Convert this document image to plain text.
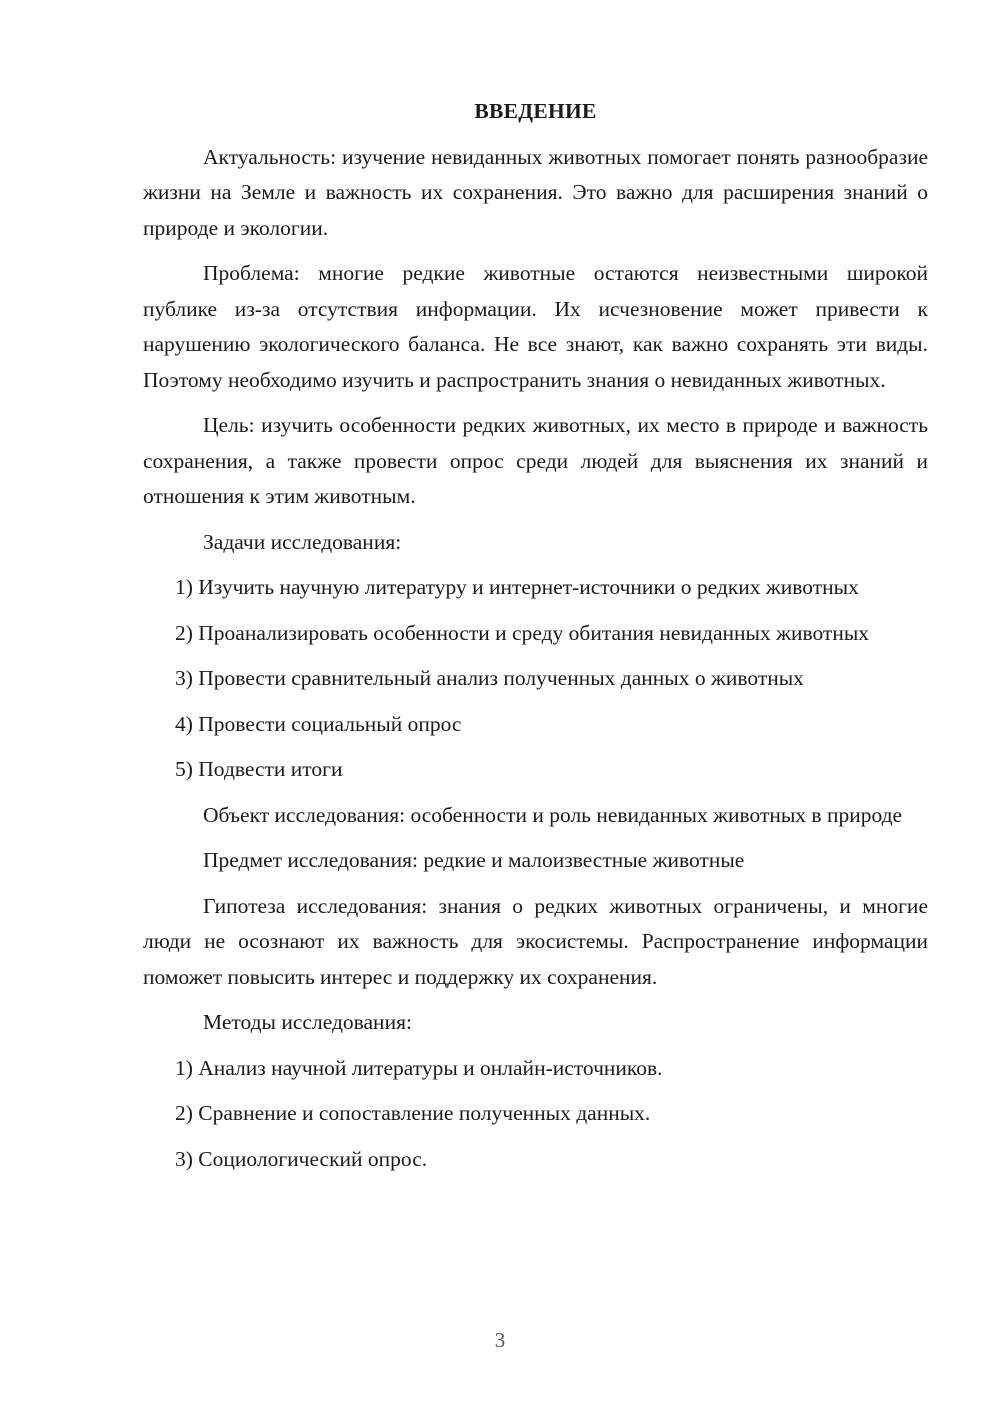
ВВЕДЕНИЕ

Актуальность: изучение невиданных животных помогает понять разнообразие жизни на Земле и важность их сохранения. Это важно для расширения знаний о природе и экологии.

Проблема: многие редкие животные остаются неизвестными широкой публике из-за отсутствия информации. Их исчезновение может привести к нарушению экологического баланса. Не все знают, как важно сохранять эти виды. Поэтому необходимо изучить и распространить знания о невиданных животных.

Цель: изучить особенности редких животных, их место в природе и важность сохранения, а также провести опрос среди людей для выяснения их знаний и отношения к этим животным.

Задачи исследования:

1) Изучить научную литературу и интернет-источники о редких животных

2) Проанализировать особенности и среду обитания невиданных животных

3) Провести сравнительный анализ полученных данных о животных

4) Провести социальный опрос

5) Подвести итоги

Объект исследования: особенности и роль невиданных животных в природе

Предмет исследования: редкие и малоизвестные животные

Гипотеза исследования: знания о редких животных ограничены, и многие люди не осознают их важность для экосистемы. Распространение информации поможет повысить интерес и поддержку их сохранения.

Методы исследования:

1) Анализ научной литературы и онлайн-источников.

2) Сравнение и сопоставление полученных данных.

3) Социологический опрос.

3
